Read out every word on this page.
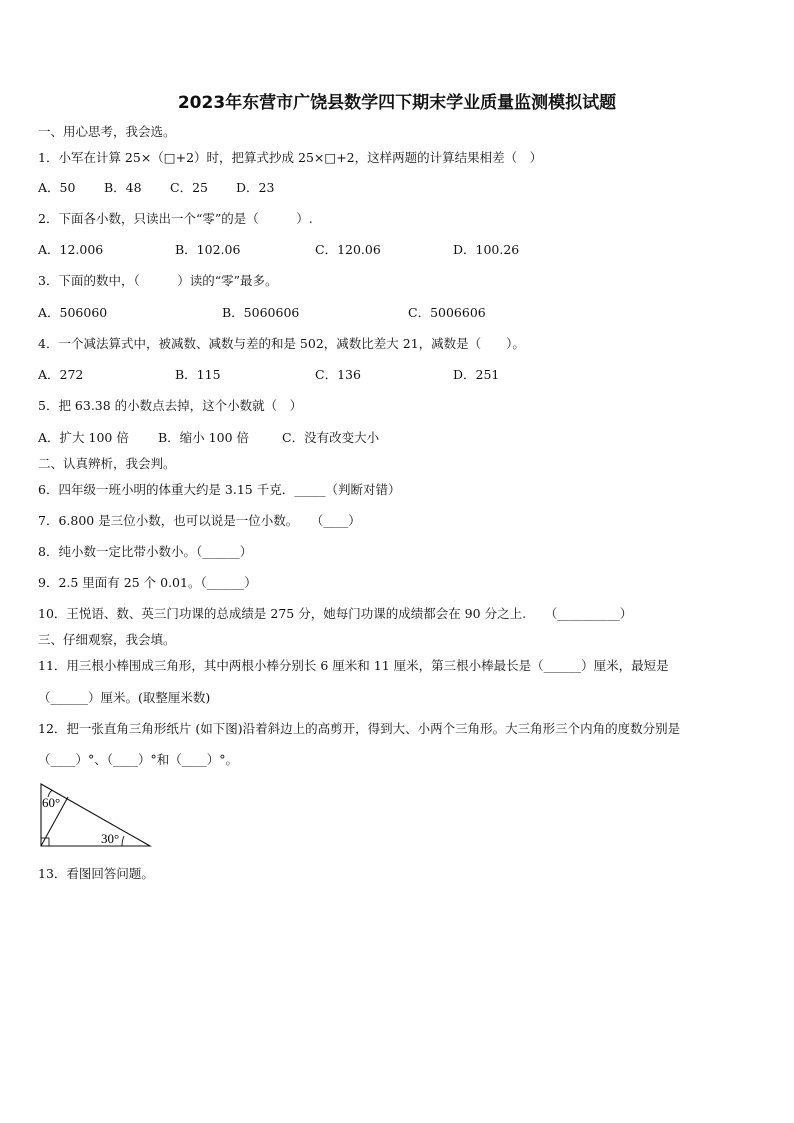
2023年东营市广饶县数学四下期末学业质量监测模拟试题
一、用心思考，我会选。
1．小军在计算 25×（□+2）时，把算式抄成 25×□+2，这样两题的计算结果相差（　）
A．50 B．48 C．25 D．23
2．下面各小数，只读出一个“零”的是（　　　）.
A．12.006	B．102.06	C．120.06	D．100.26
3．下面的数中，（　　　）读的“零”最多。
A．506060	B．5060606	C．5006606
4．一个减法算式中，被减数、减数与差的和是 502，减数比差大 21，减数是（　　）。
A．272	B．115	C．136	D．251
5．把 63.38 的小数点去掉，这个小数就（　）
A．扩大 100 倍 B．缩小 100 倍	C．没有改变大小
二、认真辨析，我会判。
6．四年级一班小明的体重大约是 3.15 千克．_____（判断对错）
7．6.800 是三位小数，也可以说是一位小数。　　（____）
8．纯小数一定比带小数小。（______）
9．2.5 里面有 25 个 0.01。（______）
10．王悦语、数、英三门功课的总成绩是 275 分，她每门功课的成绩都会在 90 分之上.　　（__________）
三、仔细观察，我会填。
11．用三根小棒围成三角形，其中两根小棒分别长 6 厘米和 11 厘米，第三根小棒最长是（______）厘米，最短是
（______）厘米。(取整厘米数)
12．把一张直角三角形纸片 (如下图)沿着斜边上的高剪开，得到大、小两个三角形。大三角形三个内角的度数分别是
（____）°、（____）°和（____）°。
60°
30°
13．看图回答问题。
